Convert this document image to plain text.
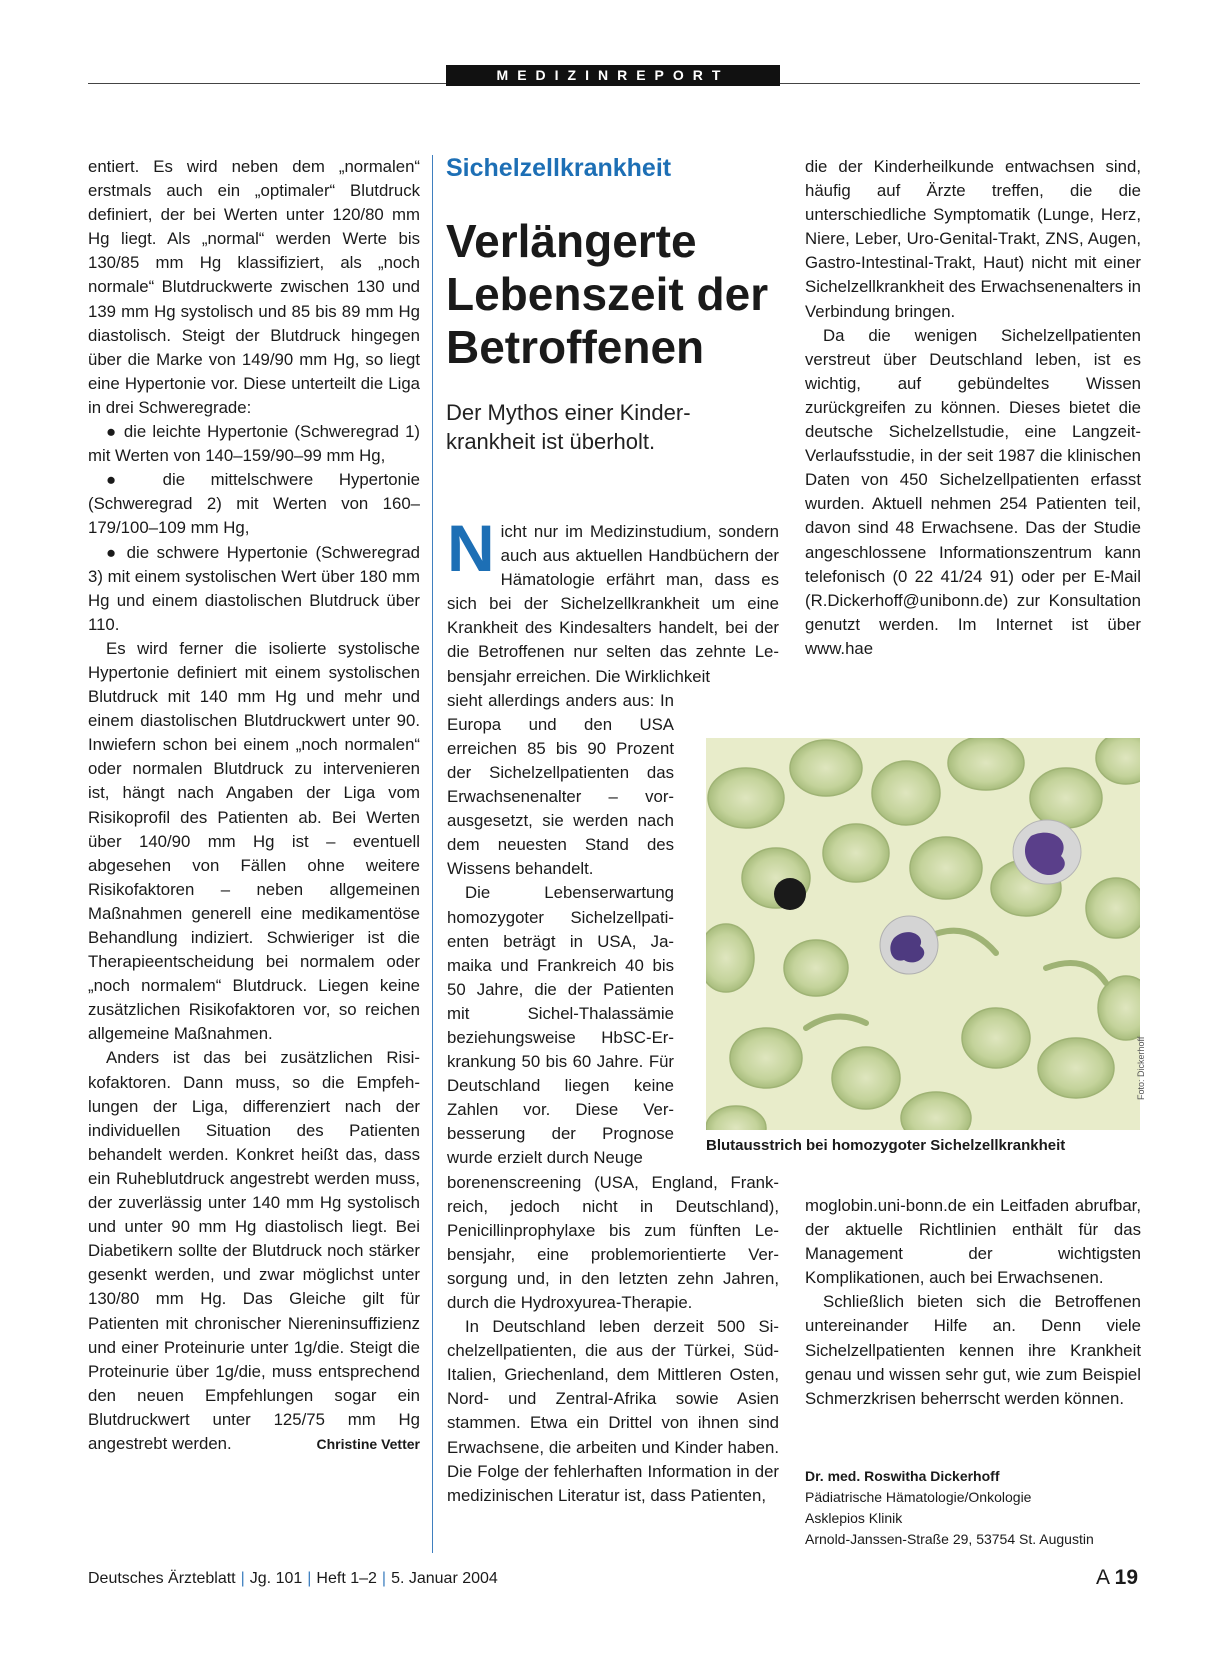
MEDIZINREPORT

entiert. Es wird neben dem „normalen“ erstmals auch ein „optimaler“ Blutdruck definiert, der bei Werten unter 120/80 mm Hg liegt. Als „normal“ werden Werte bis 130/85 mm Hg klassifiziert, als „noch normale“ Blutdruckwerte zwischen 130 und 139 mm Hg systolisch und 85 bis 89 mm Hg diastolisch. Steigt der Blutdruck hingegen über die Marke von 149/90 mm Hg, so liegt eine Hypertonie vor. Diese unterteilt die Liga in drei Schweregrade:

● die leichte Hypertonie (Schweregrad 1) mit Werten von 140–159/90–99 mm Hg,

● die mittelschwere Hypertonie (Schweregrad 2) mit Werten von 160–179/100–109 mm Hg,

● die schwere Hypertonie (Schweregrad 3) mit einem systolischen Wert über 180 mm Hg und einem diastolischen Blutdruck über 110.

Es wird ferner die isolierte systolische Hypertonie definiert mit einem systolischen Blutdruck mit 140 mm Hg und mehr und einem diastolischen Blutdruckwert unter 90. Inwiefern schon bei einem „noch normalen“ oder normalen Blutdruck zu intervenieren ist, hängt nach Angaben der Liga vom Risikoprofil des Patienten ab. Bei Werten über 140/90 mm Hg ist – eventuell abgesehen von Fällen ohne weitere Risikofaktoren – neben allgemeinen Maßnahmen generell eine medikamentöse Behandlung indiziert. Schwieriger ist die Therapieentscheidung bei normalem oder „noch normalem“ Blutdruck. Liegen keine zusätzlichen Risikofaktoren vor, so reichen allgemeine Maßnahmen.

Anders ist das bei zusätzlichen Risikofaktoren. Dann muss, so die Empfehlungen der Liga, differenziert nach der individuellen Situation des Patienten behandelt werden. Konkret heißt das, dass ein Ruheblutdruck angestrebt werden muss, der zuverlässig unter 140 mm Hg systolisch und unter 90 mm Hg diastolisch liegt. Bei Diabetikern sollte der Blutdruck noch stärker gesenkt werden, und zwar möglichst unter 130/80 mm Hg. Das Gleiche gilt für Patienten mit chronischer Niereninsuffizienz und einer Proteinurie unter 1g/die. Steigt die Proteinurie über 1g/die, muss entsprechend den neuen Empfehlungen sogar ein Blutdruckwert unter 125/75 mm Hg angestrebt werden.	Christine Vetter

Sichelzellkrankheit
Verlängerte Lebenszeit der Betroffenen

Der Mythos einer Kinderkrankheit ist überholt.

Nicht nur im Medizinstudium, sondern auch aus aktuellen Handbüchern der Hämatologie erfährt man, dass es sich bei der Sichelzellkrankheit um eine Krankheit des Kindesalters handelt, bei der die Betroffenen nur selten das zehnte Lebensjahr erreichen. Die Wirklichkeit

sieht allerdings anders aus: In Europa und den USA erreichen 85 bis 90 Prozent der Sichelzellpatienten das Erwachsenenalter – vorausgesetzt, sie werden nach dem neuesten Stand des Wissens behandelt.

Die Lebenserwartung homozygoter Sichelzellpatienten beträgt in USA, Jamaika und Frankreich 40 bis 50 Jahre, die der Patienten mit Sichel-Thalassämie beziehungsweise HbSC-Erkrankung 50 bis 60 Jahre. Für Deutschland liegen keine Zahlen vor. Diese Verbesserung der Prognose wurde erzielt durch Neuge

borenenscreening (USA, England, Frankreich, jedoch nicht in Deutschland), Penicillinprophylaxe bis zum fünften Lebensjahr, eine problemorientierte Versorgung und, in den letzten zehn Jahren, durch die Hydroxyurea-Therapie.

In Deutschland leben derzeit 500 Sichelzellpatienten, die aus der Türkei, Süd-Italien, Griechenland, dem Mittleren Osten, Nord- und Zentral-Afrika sowie Asien stammen. Etwa ein Drittel von ihnen sind Erwachsene, die arbeiten und Kinder haben. Die Folge der fehlerhaften Information in der medizinischen Literatur ist, dass Patienten,

die der Kinderheilkunde entwachsen sind, häufig auf Ärzte treffen, die die unterschiedliche Symptomatik (Lunge, Herz, Niere, Leber, Uro-Genital-Trakt, ZNS, Augen, Gastro-Intestinal-Trakt, Haut) nicht mit einer Sichelzellkrankheit des Erwachsenenalters in Verbindung bringen.

Da die wenigen Sichelzellpatienten verstreut über Deutschland leben, ist es wichtig, auf gebündeltes Wissen zurückgreifen zu können. Dieses bietet die deutsche Sichelzellstudie, eine Langzeit-Verlaufsstudie, in der seit 1987 die klinischen Daten von 450 Sichelzellpatienten erfasst wurden. Aktuell nehmen 254 Patienten teil, davon sind 48 Erwachsene. Das der Studie angeschlossene Informationszentrum kann telefonisch (0 22 41/24 91) oder per E-Mail (R.Dickerhoff@unibonn.de) zur Konsultation genutzt werden. Im Internet ist über www.hae

Foto: Dickerhoff
Blutausstrich bei homozygoter Sichelzellkrankheit

moglobin.uni-bonn.de ein Leitfaden abrufbar, der aktuelle Richtlinien enthält für das Management der wichtigsten Komplikationen, auch bei Erwachsenen.

Schließlich bieten sich die Betroffenen untereinander Hilfe an. Denn viele Sichelzellpatienten kennen ihre Krankheit genau und wissen sehr gut, wie zum Beispiel Schmerzkrisen beherrscht werden können.

Dr. med. Roswitha Dickerhoff
Pädiatrische Hämatologie/Onkologie
Asklepios Klinik
Arnold-Janssen-Straße 29, 53754 St. Augustin
Deutsches Ärzteblatt | Jg. 101 | Heft 1–2 | 5. Januar 2004	A 19
